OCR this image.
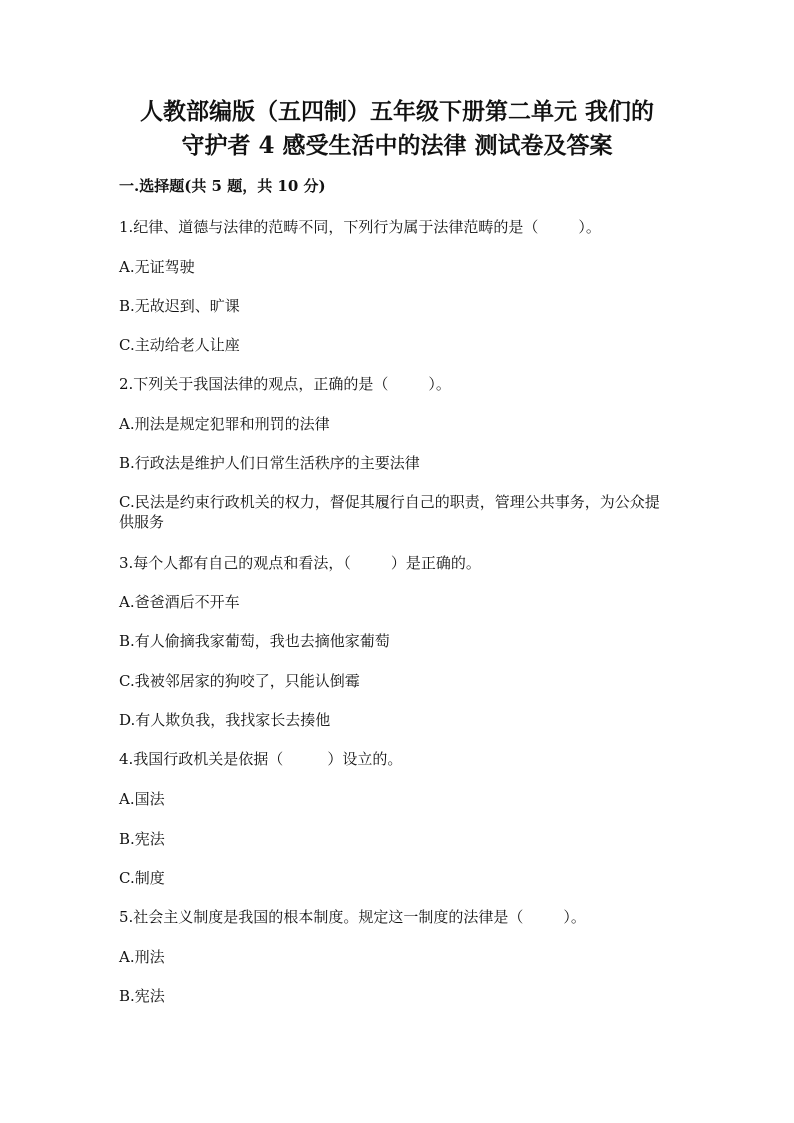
人教部编版（五四制）五年级下册第二单元 我们的
守护者 4 感受生活中的法律 测试卷及答案

一.选择题(共 5 题，共 10 分)

1.纪律、道德与法律的范畴不同，下列行为属于法律范畴的是（	）。

A.无证驾驶

B.无故迟到、旷课

C.主动给老人让座

2.下列关于我国法律的观点，正确的是（	）。

A.刑法是规定犯罪和刑罚的法律

B.行政法是维护人们日常生活秩序的主要法律

C.民法是约束行政机关的权力，督促其履行自己的职责，管理公共事务，为公众提供服务

3.每个人都有自己的观点和看法，（	）是正确的。

A.爸爸酒后不开车

B.有人偷摘我家葡萄，我也去摘他家葡萄

C.我被邻居家的狗咬了，只能认倒霉

D.有人欺负我，我找家长去揍他

4.我国行政机关是依据（	）设立的。

A.国法

B.宪法

C.制度

5.社会主义制度是我国的根本制度。规定这一制度的法律是（	）。

A.刑法

B.宪法
